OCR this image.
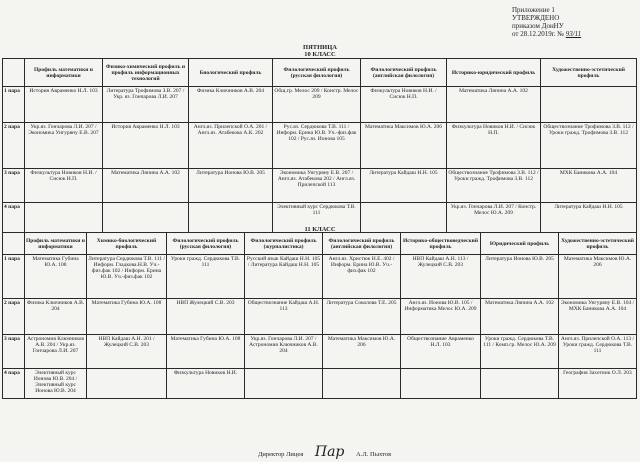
Приложение 1
УТВЕРЖДЕНО
приказом ДонНУ
от 28.12.2019г. № 93/11
ПЯТНИЦА
10 КЛАСС
	Профиль математики и информатики	Физико-химический профиль и профиль информационных технологий	Биологический профиль	Филологический профиль (русская филология)	Филологический профиль (английская филология)	Историко-юридический профиль	Художественно-эстетический профиль
1 пара	История Авраменко Н.Л. 103	Литература Трофимова З.В. 207 / Укр. яз. Гончарова Л.И. 207	Физика Ключников А.В. 204	Общ.гр. Мелос 209 / Констр. Мелос 209	Физкультура Новиков Н.И. / Сисюк Н.П.	Математика Ляпина А.А. 102	
2 пара	Укр.яз. Гончарова Л.И. 207 / Экономика Унгуряну Е.В. 207	История Авраменко Н.Л. 103	Англ.яз. Прилепской О.А. 201 / Англ.яз. Атабекова А.К. 202	Рус.яз. Сердюкова Т.В. 111 / Информ. Ерина Ю.В. Уч.-физ.фак 102 / Рус.яз. Ионова 105	Математика Максимов Ю.А. 206	Физкультура Новиков Н.И. / Сисюк Н.П.	Обществознание Трофимова З.В. 112 / Уроки гражд. Трофимова З.В. 112
3 пара	Физкультура Новиков Н.И. / Сисюк Н.П.	Математика Ляпина А.А. 102	Литература Ионова Ю.В. 205	Экономика Унгуряну Е.В. 207 / Англ.яз. Атабекова 202 / Англ.яз. Прилепской 113	Литература Кайдаш Н.Н. 105	Обществознание Трофимова З.В. 112 / Уроки гражд. Трофимова З.В. 112	МХК Баникова А.А. 104
4 пара				Элективный курс Сердюкова Т.В. 111		Укр.яз. Гончарова Л.И. 207 / Констр. Мелос Ю.А. 209	Литература Кайдаш Н.Н. 105
11 КЛАСС
	Профиль математики и информатики	Химико-биологический профиль	Филологический профиль (русская филология)	Филологический профиль (журналистика)	Филологический профиль (английская филология)	Историко-обществоведческий профиль	Юридический профиль	Художественно-эстетический профиль
1 пара	Математика Губина Ю.А. 108	Литература Сердюкова Т.В. 111 / Информ. Гладкова.Н.В. Уч.-физ.фак 102 / Информ. Ерина Ю.В. Уч.-физ.фак 102	Уроки гражд. Сердюкова Т.В. 111	Русский язык Кайдаш Н.Н. 105 / Литература Кайдаш Н.Н. 105	Англ.яз. Христюк Н.Е. 402 / Информ. Ерина Ю.В. Уч.-физ.фак 102	НВП Кайдаш А.Н. 113 / Жулецкий С.В. 203	Литература Ионова Ю.В. 205	Математика Максимов Ю.А. 206
2 пара	Физика Ключников А.В. 204	Математика Губина Ю.А. 108	НВП Жулецкий С.В. 203	Обществознание Кайдаш А.Н. 113	Литература Соколова Т.Е. 205	Англ.яз. Ионова Ю.В. 105 / Информатика Мелос Ю.А. 209	Математика Ляпина А.А. 102	Экономика Унгуряну Е.В. 104 / МХК Баникова А.А. 104
3 пара	Астрономия Ключников А.В. 204 / Укр.яз. Гончарова Л.И. 207	НВП Кайдаш А.Н. 201 / Жулецкий С.В. 203	Математика Губина Ю.А. 108	Укр.яз. Гончарова Л.И. 207 / Астрономия Ключников А.В. 204	Математика Максимов Ю.А. 206	Обществознание Авраменко Н.Л. 103	Уроки гражд. Сердюкова Т.В. 111 / Комп.гр. Мелос Ю.А. 209	Англ.яз. Прилепской О.А. 113 / Уроки гражд. Сердюкова Т.В. 111
4 пара	Элективный курс Ионова Ю.В. 204 / Элективный курс Ионова Ю.В. 204		Физкультура Новиков Н.И.					География Захотник О.Л. 203
Директор Лицея Пар А.Л. Пыхтов
